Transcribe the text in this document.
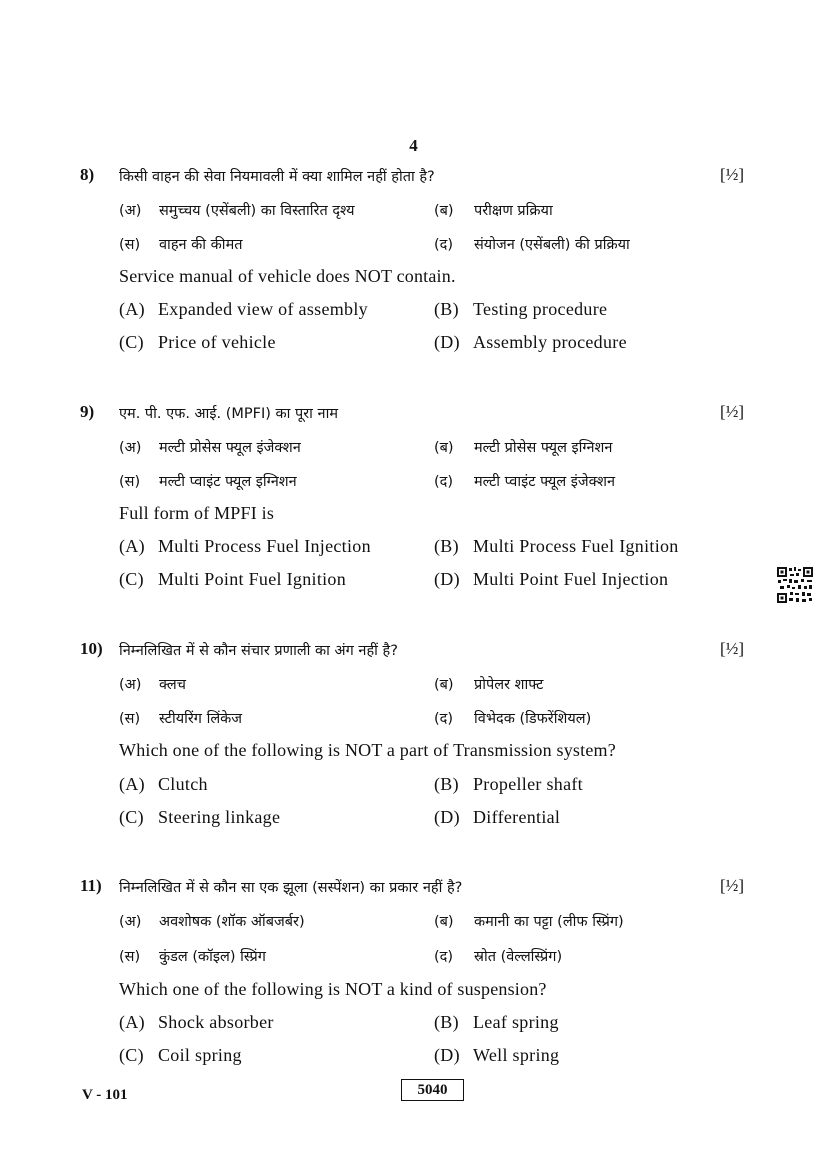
4
8) किसी वाहन की सेवा नियमावली में क्या शामिल नहीं होता है?	[½]
(अ) समुच्चय (एसेंबली) का विस्तारित दृश्य	(ब) परीक्षण प्रक्रिया
(स) वाहन की कीमत	(द) संयोजन (एसेंबली) की प्रक्रिया
Service manual of vehicle does NOT contain.
(A) Expanded view of assembly	(B) Testing procedure
(C) Price of vehicle	(D) Assembly procedure
9) एम. पी. एफ. आई. (MPFI) का पूरा नाम	[½]
(अ) मल्टी प्रोसेस फ्यूल इंजेक्शन	(ब) मल्टी प्रोसेस फ्यूल इग्निशन
(स) मल्टी प्वाइंट फ्यूल इग्निशन	(द) मल्टी प्वाइंट फ्यूल इंजेक्शन
Full form of MPFI is
(A) Multi Process Fuel Injection	(B) Multi Process Fuel Ignition
(C) Multi Point Fuel Ignition	(D) Multi Point Fuel Injection
10) निम्नलिखित में से कौन संचार प्रणाली का अंग नहीं है?	[½]
(अ) क्लच	(ब) प्रोपेलर शाफ्ट
(स) स्टीयरिंग लिंकेज	(द) विभेदक (डिफरेंशियल)
Which one of the following is NOT a part of Transmission system?
(A) Clutch	(B) Propeller shaft
(C) Steering linkage	(D) Differential
11) निम्नलिखित में से कौन सा एक झूला (सस्पेंशन) का प्रकार नहीं है?	[½]
(अ) अवशोषक (शॉक ऑबजर्बर)	(ब) कमानी का पट्टा (लीफ स्प्रिंग)
(स) कुंडल (कॉइल) स्प्रिंग	(द) स्रोत (वेल्लस्प्रिंग)
Which one of the following is NOT a kind of suspension?
(A) Shock absorber	(B) Leaf spring
(C) Coil spring	(D) Well spring
V - 101	5040
